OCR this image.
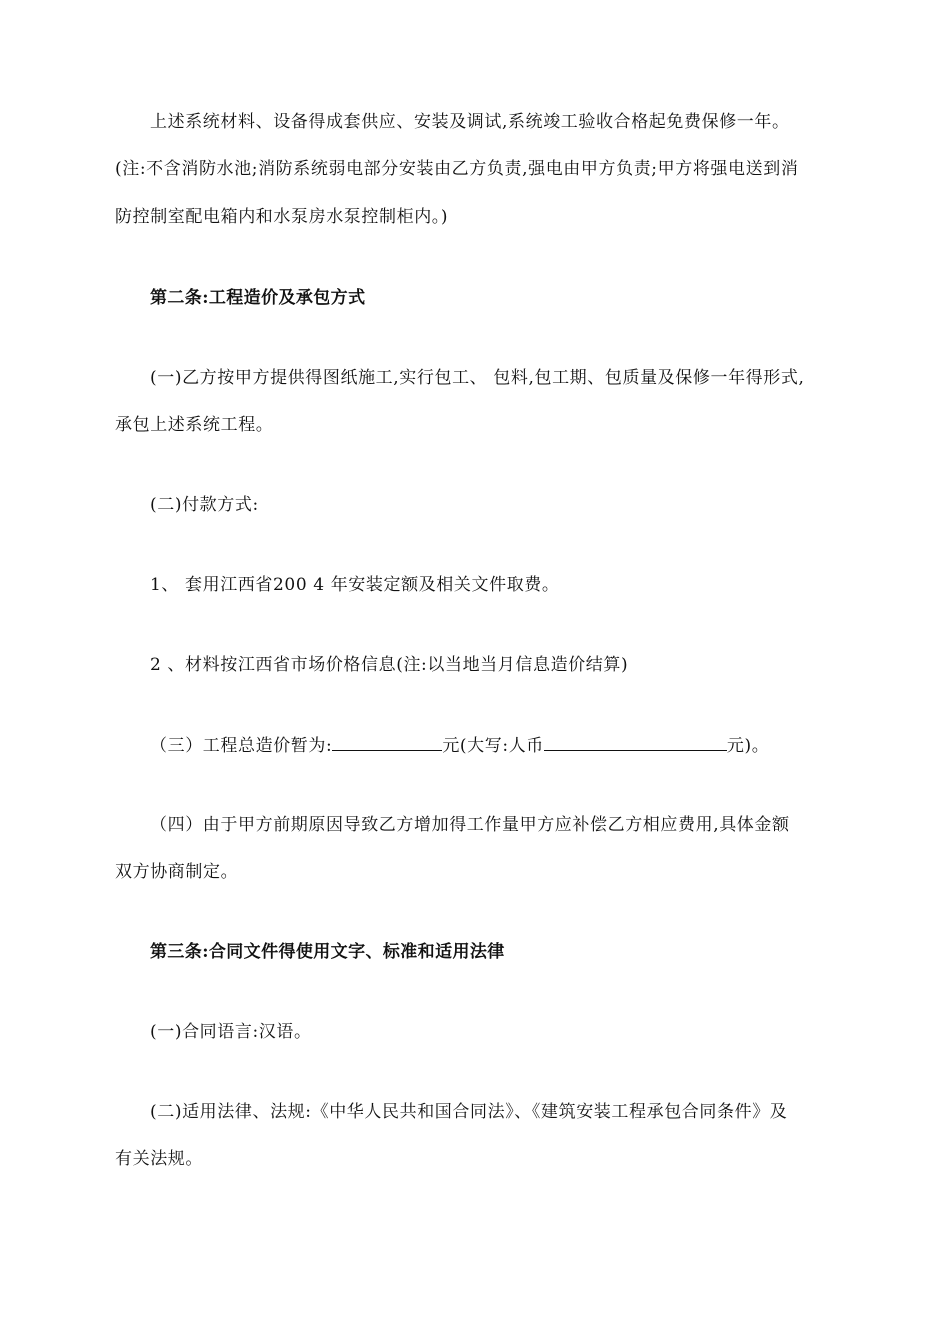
上述系统材料、设备得成套供应、安装及调试,系统竣工验收合格起免费保修一年。
(注:不含消防水池;消防系统弱电部分安装由乙方负责,强电由甲方负责;甲方将强电送到消
防控制室配电箱内和水泵房水泵控制柜内。)
第二条:工程造价及承包方式
(一)乙方按甲方提供得图纸施工,实行包工、 包料,包工期、包质量及保修一年得形式,
承包上述系统工程。
(二)付款方式:
1、 套用江西省200 4 年安装定额及相关文件取费。
2 、材料按江西省市场价格信息(注:以当地当月信息造价结算)
（三）工程总造价暂为:	元(大写:人币	元)。
（四）由于甲方前期原因导致乙方增加得工作量甲方应补偿乙方相应费用,具体金额
双方协商制定。
第三条:合同文件得使用文字、标准和适用法律
(一)合同语言:汉语。
(二)适用法律、法规:《中华人民共和国合同法》、《建筑安装工程承包合同条件》及
有关法规。
